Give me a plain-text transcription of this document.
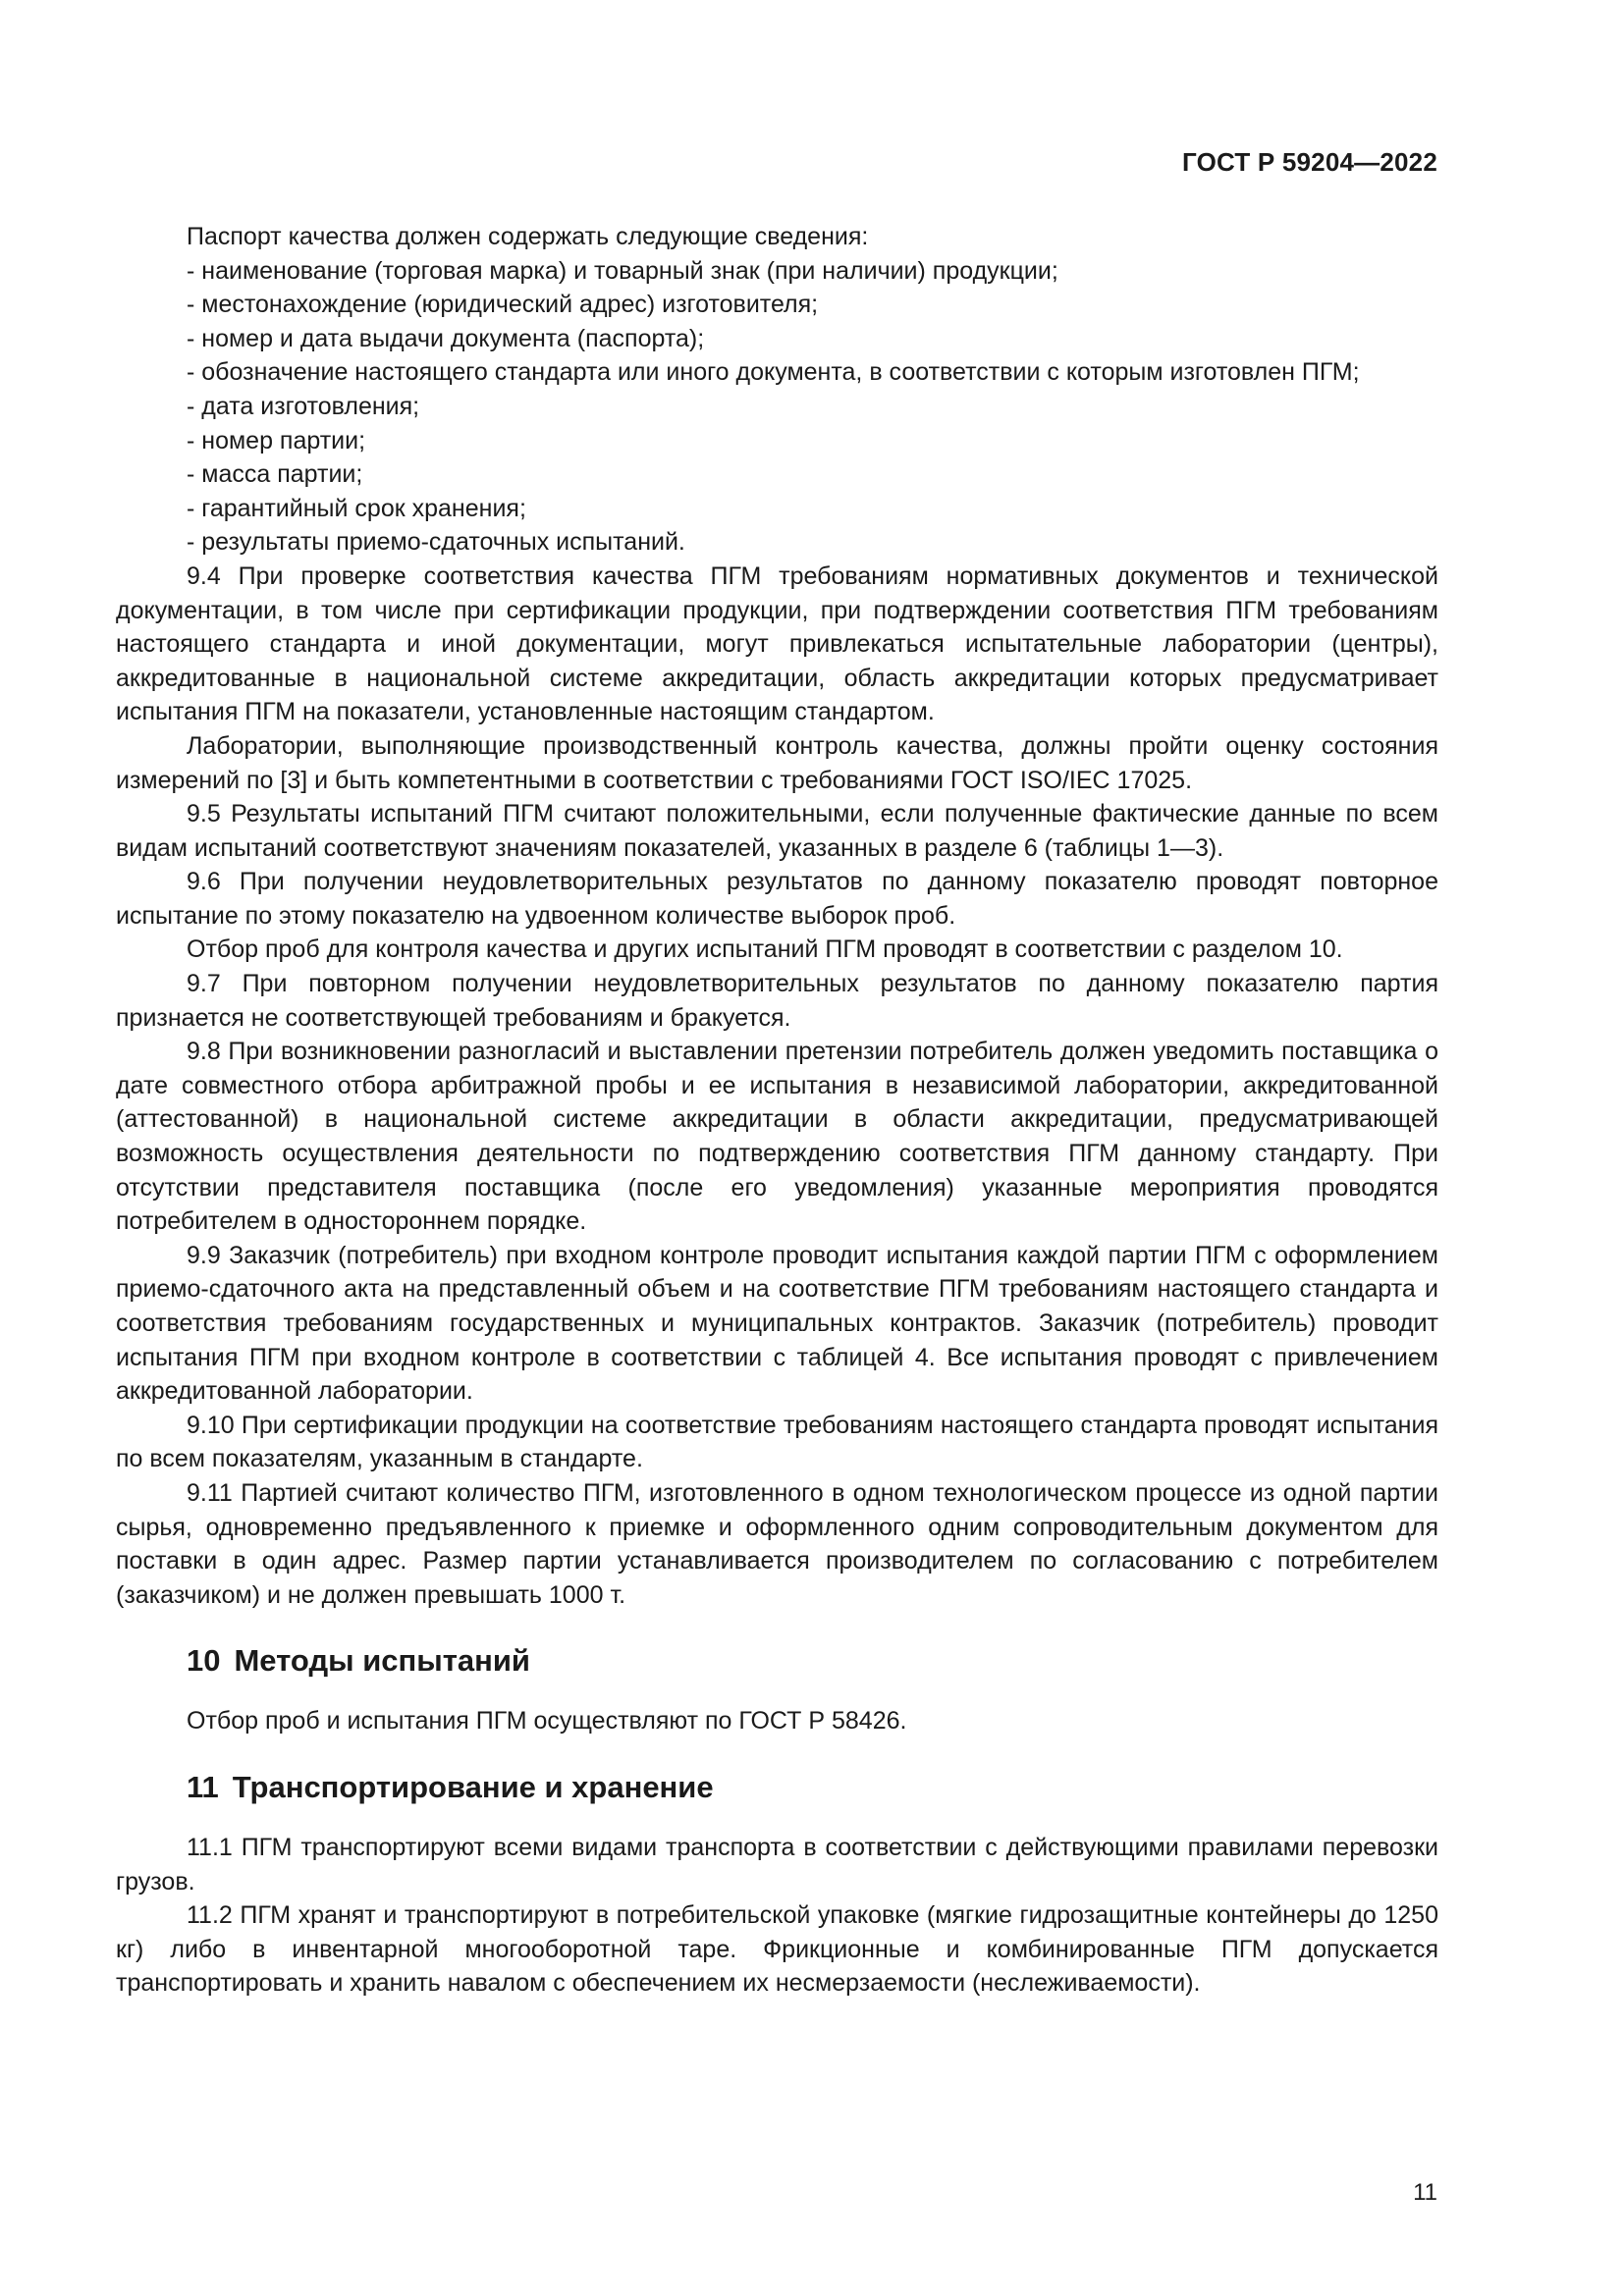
ГОСТ Р 59204—2022

Паспорт качества должен содержать следующие сведения:

- наименование (торговая марка) и товарный знак (при наличии) продукции;

- местонахождение (юридический адрес) изготовителя;

- номер и дата выдачи документа (паспорта);

- обозначение настоящего стандарта или иного документа, в соответствии с которым изготовлен ПГМ;

- дата изготовления;

- номер партии;

- масса партии;

- гарантийный срок хранения;

- результаты приемо-сдаточных испытаний.

9.4 При проверке соответствия качества ПГМ требованиям нормативных документов и технической документации, в том числе при сертификации продукции, при подтверждении соответствия ПГМ требованиям настоящего стандарта и иной документации, могут привлекаться испытательные лаборатории (центры), аккредитованные в национальной системе аккредитации, область аккредитации которых предусматривает испытания ПГМ на показатели, установленные настоящим стандартом.

Лаборатории, выполняющие производственный контроль качества, должны пройти оценку состояния измерений по [3] и быть компетентными в соответствии с требованиями ГОСТ ISO/IEC 17025.

9.5 Результаты испытаний ПГМ считают положительными, если полученные фактические данные по всем видам испытаний соответствуют значениям показателей, указанных в разделе 6 (таблицы 1—3).

9.6 При получении неудовлетворительных результатов по данному показателю проводят повторное испытание по этому показателю на удвоенном количестве выборок проб.

Отбор проб для контроля качества и других испытаний ПГМ проводят в соответствии с разделом 10.

9.7 При повторном получении неудовлетворительных результатов по данному показателю партия признается не соответствующей требованиям и бракуется.

9.8 При возникновении разногласий и выставлении претензии потребитель должен уведомить поставщика о дате совместного отбора арбитражной пробы и ее испытания в независимой лаборатории, аккредитованной (аттестованной) в национальной системе аккредитации в области аккредитации, предусматривающей возможность осуществления деятельности по подтверждению соответствия ПГМ данному стандарту. При отсутствии представителя поставщика (после его уведомления) указанные мероприятия проводятся потребителем в одностороннем порядке.

9.9 Заказчик (потребитель) при входном контроле проводит испытания каждой партии ПГМ с оформлением приемо-сдаточного акта на представленный объем и на соответствие ПГМ требованиям настоящего стандарта и соответствия требованиям государственных и муниципальных контрактов. Заказчик (потребитель) проводит испытания ПГМ при входном контроле в соответствии с таблицей 4. Все испытания проводят с привлечением аккредитованной лаборатории.

9.10 При сертификации продукции на соответствие требованиям настоящего стандарта проводят испытания по всем показателям, указанным в стандарте.

9.11 Партией считают количество ПГМ, изготовленного в одном технологическом процессе из одной партии сырья, одновременно предъявленного к приемке и оформленного одним сопроводительным документом для поставки в один адрес. Размер партии устанавливается производителем по согласованию с потребителем (заказчиком) и не должен превышать 1000 т.

10 Методы испытаний

Отбор проб и испытания ПГМ осуществляют по ГОСТ Р 58426.

11 Транспортирование и хранение

11.1 ПГМ транспортируют всеми видами транспорта в соответствии с действующими правилами перевозки грузов.

11.2 ПГМ хранят и транспортируют в потребительской упаковке (мягкие гидрозащитные контейнеры до 1250 кг) либо в инвентарной многооборотной таре. Фрикционные и комбинированные ПГМ допускается транспортировать и хранить навалом с обеспечением их несмерзаемости (неслеживаемости).

11
